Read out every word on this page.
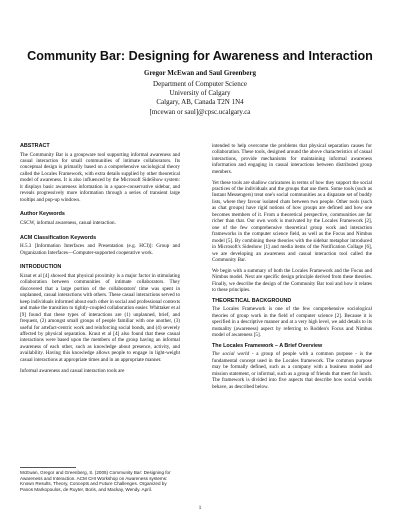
Community Bar: Designing for Awareness and Interaction
Gregor McEwan and Saul Greenberg
Department of Computer Science
University of Calgary
Calgary, AB, Canada T2N 1N4
[mcewan or saul]@cpsc.ucalgary.ca
ABSTRACT

The Community Bar is a groupware tool supporting informal awareness and casual interaction for small communities of intimate collaborators. Its conceptual design is primarily based on a comprehensive sociological theory called the Locales Framework, with extra details supplied by other theoretical model of awareness. It is also influenced by the Microsoft SideShow system: it displays basic awareness information in a space-conservative sidebar, and reveals progressively more information through a series of transient large tooltips and pop-up windows.

Author Keywords

CSCW, informal awareness, casual interaction.

ACM Classification Keywords

H.5.3 [Information Interfaces and Presentation (e.g. HCI)]: Group and Organization Interfaces—Computer-supported cooperative work.

INTRODUCTION

Kraut et al [4] showed that physical proximity is a major factor in stimulating collaboration between communities of intimate collaborators. They discovered that a large portion of the collaborators' time was spent in unplanned, casual interactions with others. These casual interactions served to keep individuals informed about each other in social and professional contexts and make the transition to tightly-coupled collaboration easier. Whittaker et al [9] found that these types of interactions are (1) unplanned, brief, and frequent, (2) amongst small groups of people familiar with one another, (3) useful for artefact-centric work and reinforcing social bonds, and (4) severely affected by physical separation. Kraut et al [4] also found that these casual interactions were based upon the members of the group having an informal awareness of each other, such as knowledge about presence, activity, and availability. Having this knowledge allows people to engage in light-weight casual interactions at appropriate times and in an appropriate manner.

Informal awareness and casual interaction tools are

McEwan, Gregor and Greenberg, S. (2005) Community Bar: Designing for Awareness and Interaction. ACM CHI Workshop on Awareness systems: Known Results, Theory, Concepts and Future Challenges. Organized by Panos Markopoulos, de Ruyter, Boris, and Mackay, Wendy. April.

intended to help overcome the problems that physical separation causes for collaboration. These tools, designed around the above characteristics of casual interactions, provide mechanisms for maintaining informal awareness information and engaging in casual interactions between distributed group members.

Yet these tools are shallow caricatures in terms of how they support the social practices of the individuals and the groups that use them. Some tools (such as Instant Messengers) treat one's social communities as a disparate set of buddy lists, where they favour isolated chats between two people. Other tools (such as chat groups) have rigid notions of how groups are defined and how one becomes members of it. From a theoretical perspective, communities are far richer than that. Our own work is motivated by the Locales Framework [2], one of the few comprehensive theoretical group work and interaction frameworks in the computer science field, as well as the Focus and Nimbus model [5]. By combining these theories with the sidebar metaphor introduced in Microsoft's Sideshow [1] and media items of the Notification Collage [6], we are developing an awareness and casual interaction tool called the Community Bar.

We begin with a summary of both the Locales Framework and the Focus and Nimbus model. Next are specific design principle derived from these theories. Finally, we describe the design of the Community Bar tool and how it relates to these principles.

THEORETICAL BACKGROUND

The Locales Framework is one of the few comprehensive sociological theories of group work in the field of computer science [2]. Because it is specified in a descriptive manner and at a very high level, we add details to its mutuality (awareness) aspect by referring to Rodden's Focus and Nimbus model of awareness [5].

The Locales Framework – A Brief Overview

The social world - a group of people with a common purpose - is the fundamental concept used in the Locales framework. The common purpose may be formally defined, such as a company with a business model and mission statement, or informal, such as a group of friends that meet for lunch. The framework is divided into five aspects that describe how social worlds behave, as described below.

1
